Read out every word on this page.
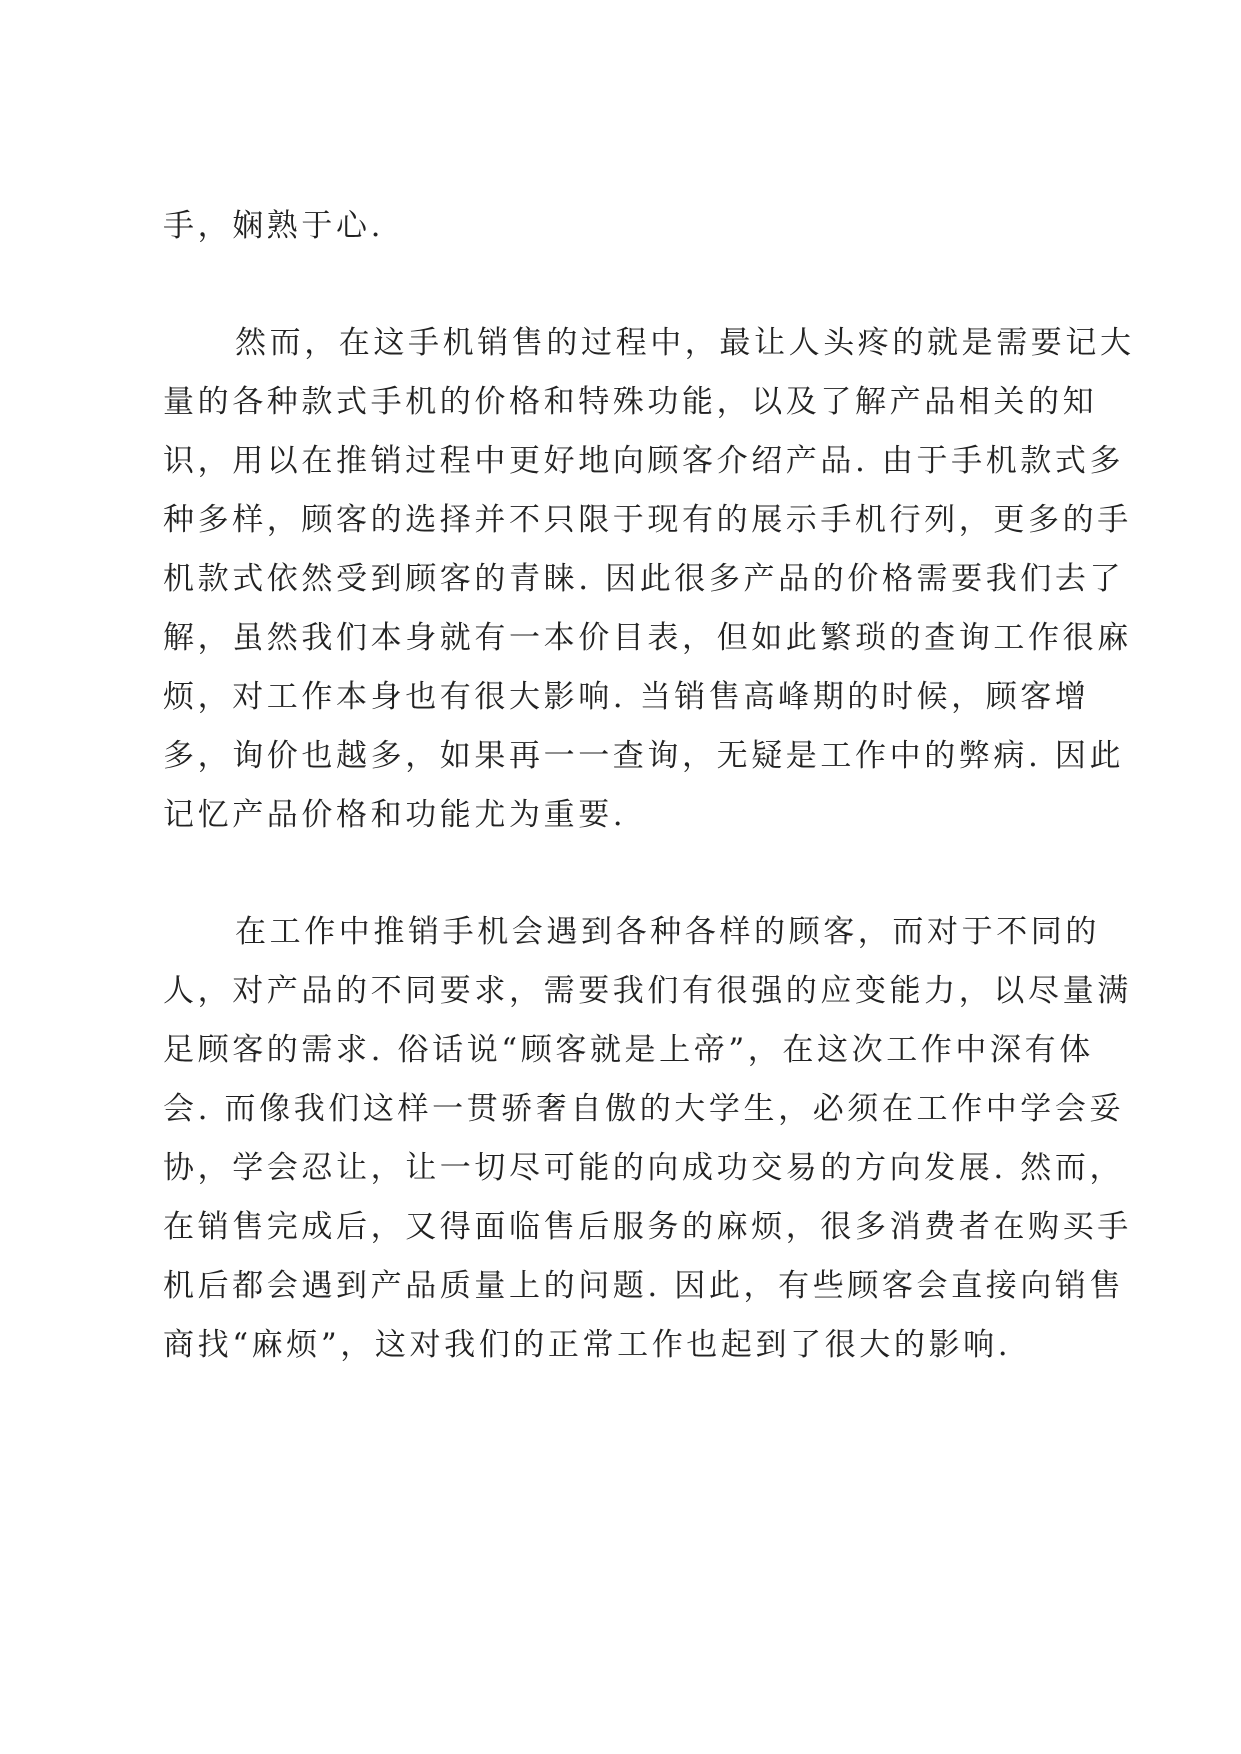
手，娴熟于心.
然而，在这手机销售的过程中，最让人头疼的就是需要记大
量的各种款式手机的价格和特殊功能，以及了解产品相关的知
识，用以在推销过程中更好地向顾客介绍产品. 由于手机款式多
种多样，顾客的选择并不只限于现有的展示手机行列，更多的手
机款式依然受到顾客的青睐. 因此很多产品的价格需要我们去了
解，虽然我们本身就有一本价目表，但如此繁琐的查询工作很麻
烦，对工作本身也有很大影响. 当销售高峰期的时候，顾客增
多，询价也越多，如果再一一查询，无疑是工作中的弊病. 因此
记忆产品价格和功能尤为重要.
在工作中推销手机会遇到各种各样的顾客，而对于不同的
人，对产品的不同要求，需要我们有很强的应变能力，以尽量满
足顾客的需求. 俗话说“顾客就是上帝”，在这次工作中深有体
会. 而像我们这样一贯骄奢自傲的大学生，必须在工作中学会妥
协，学会忍让，让一切尽可能的向成功交易的方向发展. 然而，
在销售完成后，又得面临售后服务的麻烦，很多消费者在购买手
机后都会遇到产品质量上的问题. 因此，有些顾客会直接向销售
商找“麻烦”，这对我们的正常工作也起到了很大的影响.
